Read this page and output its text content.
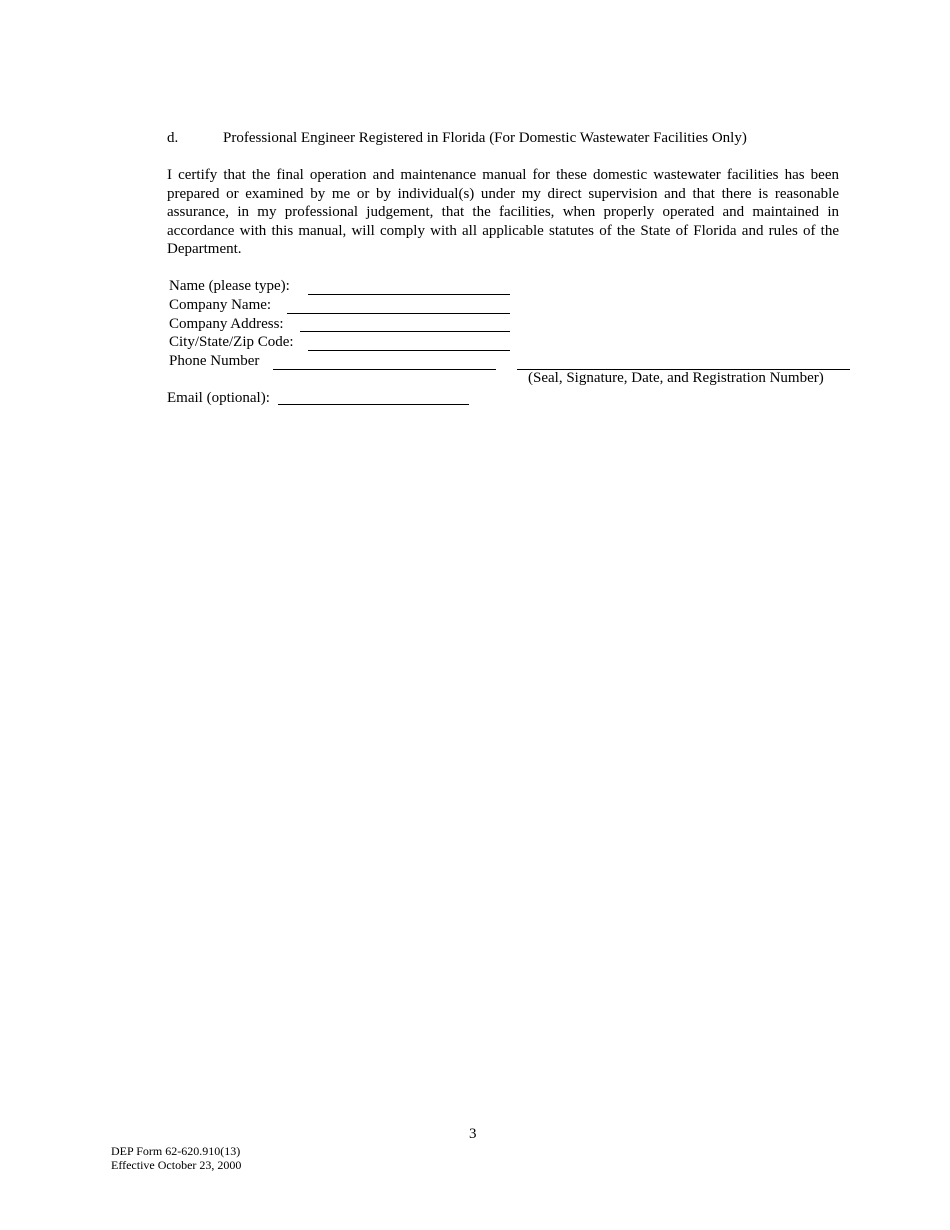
d.	Professional Engineer Registered in Florida (For Domestic Wastewater Facilities Only)

I certify that the final operation and maintenance manual for these domestic wastewater facilities has been prepared or examined by me or by individual(s) under my direct supervision and that there is reasonable assurance, in my professional judgement, that the facilities, when properly operated and maintained in accordance with this manual, will comply with all applicable statutes of the State of Florida and rules of the Department.

Name (please type):
Company Name:
Company Address:
City/State/Zip Code:
Phone Number
Email (optional):
(Seal, Signature, Date, and Registration Number)
3
DEP Form 62-620.910(13)
Effective October 23, 2000
